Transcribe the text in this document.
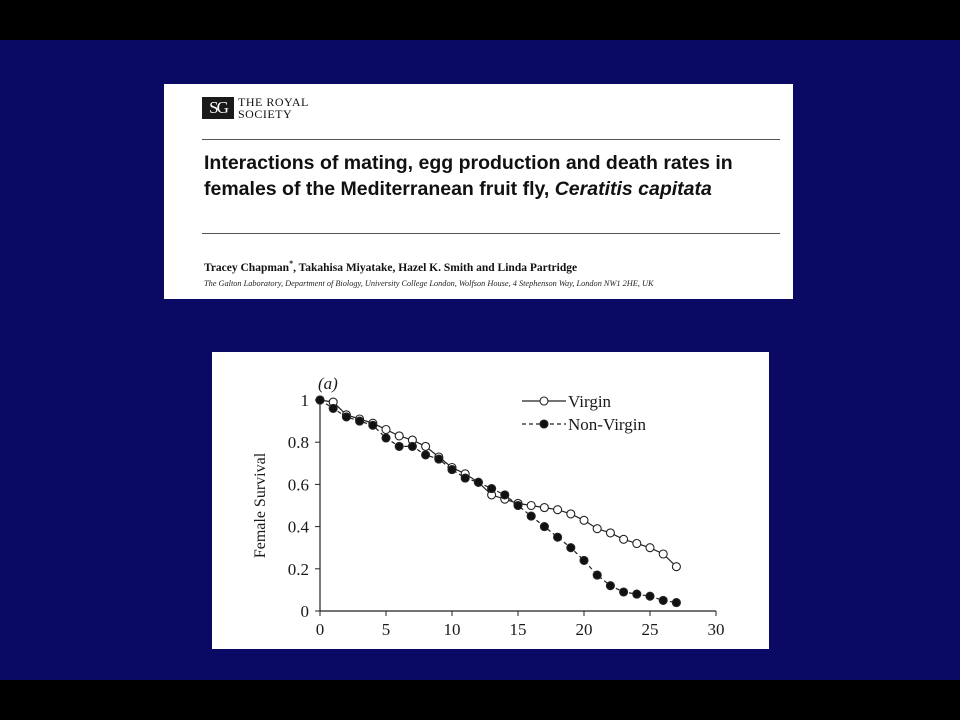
SG THE ROYAL
SOCIETY
Interactions of mating, egg production and death rates in females of the Mediterranean fruit fly, Ceratitis capitata
Tracey Chapman*, Takahisa Miyatake, Hazel K. Smith and Linda Partridge
The Galton Laboratory, Department of Biology, University College London, Wolfson House, 4 Stephenson Way, London NW1 2HE, UK
0	5	10	15	20	25	30
0
0.2
0.4
0.6
0.8
1
Female Survival
(a)
Virgin
Non-Virgin
